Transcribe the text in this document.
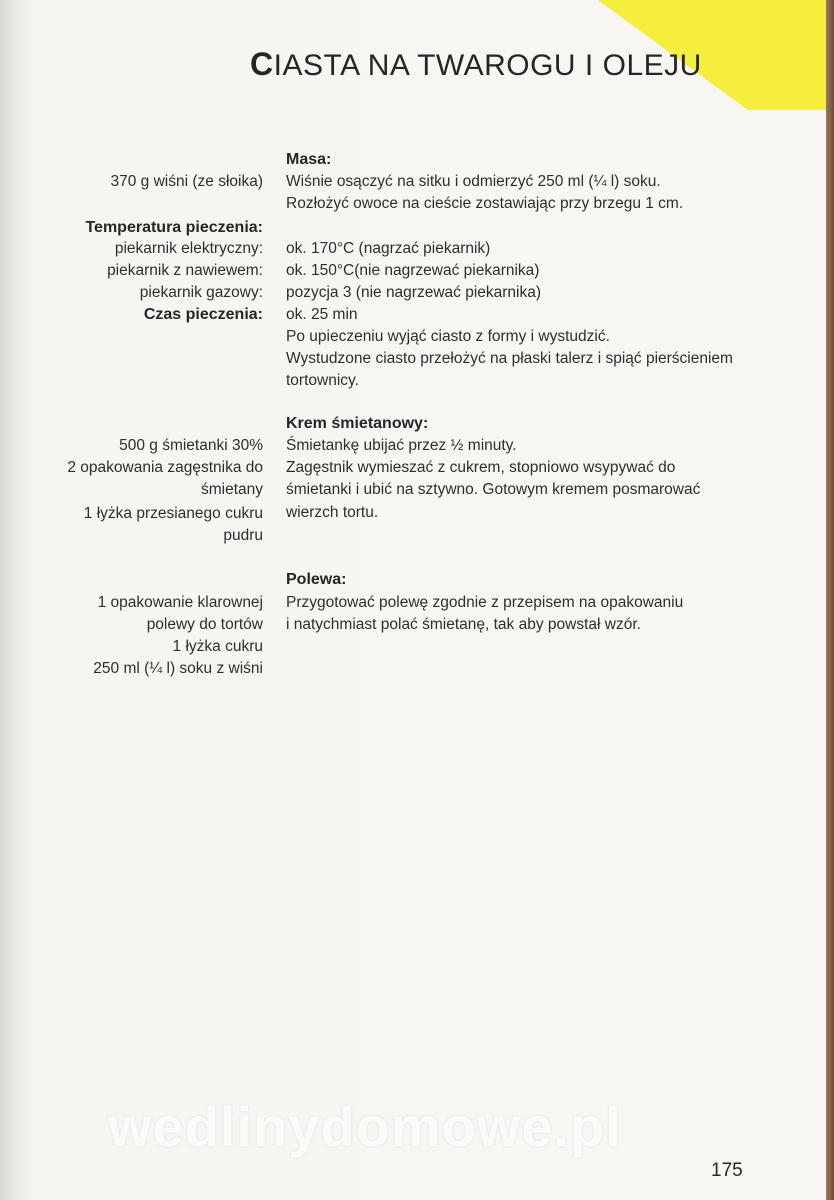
CIASTA NA TWAROGU I OLEJU

Masa:

370 g wiśni (ze słoika) Wiśnie osączyć na sitku i odmierzyć 250 ml (¼ l) soku.

Rozłożyć owoce na cieście zostawiając przy brzegu 1 cm.

Temperatura pieczenia:

piekarnik elektryczny: ok. 170°C (nagrzać piekarnik)

piekarnik z nawiewem: ok. 150°C(nie nagrzewać piekarnika)

piekarnik gazowy: pozycja 3 (nie nagrzewać piekarnika)

Czas pieczenia: ok. 25 min

Po upieczeniu wyjąć ciasto z formy i wystudzić.

Wystudzone ciasto przełożyć na płaski talerz i spiąć pierścieniem

tortownicy.

Krem śmietanowy:

500 g śmietanki 30%

2 opakowania zagęstnika do

śmietany

1 łyżka przesianego cukru

pudru

Śmietankę ubijać przez ½ minuty.

Zagęstnik wymieszać z cukrem, stopniowo wsypywać do

śmietanki i ubić na sztywno. Gotowym kremem posmarować

wierzch tortu.

Polewa:

1 opakowanie klarownej

polewy do tortów

1 łyżka cukru

250 ml (¼ l) soku z wiśni

Przygotować polewę zgodnie z przepisem na opakowaniu

i natychmiast polać śmietanę, tak aby powstał wzór.

wedlinydomowe.pl

175
